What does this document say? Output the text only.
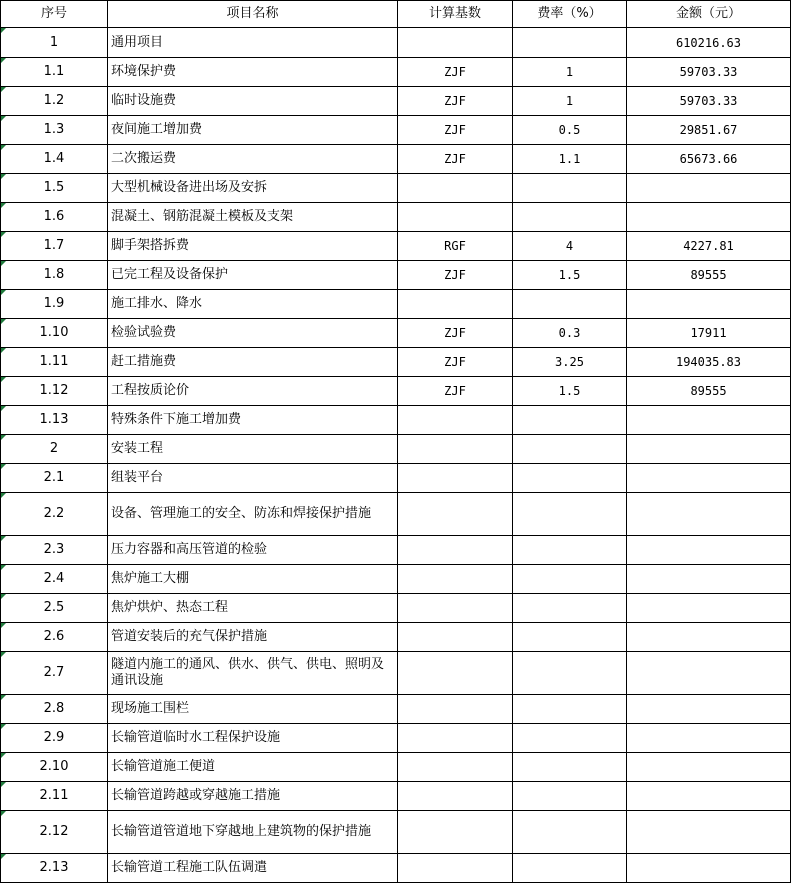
序号	项目名称	计算基数	费率（%）	金额（元）
1	通用项目			610216.63
1.1	环境保护费	ZJF	1	59703.33
1.2	临时设施费	ZJF	1	59703.33
1.3	夜间施工增加费	ZJF	0.5	29851.67
1.4	二次搬运费	ZJF	1.1	65673.66
1.5	大型机械设备进出场及安拆			
1.6	混凝土、钢筋混凝土模板及支架			
1.7	脚手架搭拆费	RGF	4	4227.81
1.8	已完工程及设备保护	ZJF	1.5	89555
1.9	施工排水、降水			
1.10	检验试验费	ZJF	0.3	17911
1.11	赶工措施费	ZJF	3.25	194035.83
1.12	工程按质论价	ZJF	1.5	89555
1.13	特殊条件下施工增加费			
2	安装工程			
2.1	组装平台			
2.2	设备、管理施工的安全、防冻和焊接保护措施			
2.3	压力容器和高压管道的检验			
2.4	焦炉施工大棚			
2.5	焦炉烘炉、热态工程			
2.6	管道安装后的充气保护措施			
2.7	隧道内施工的通风、供水、供气、供电、照明及通讯设施			
2.8	现场施工围栏			
2.9	长输管道临时水工程保护设施			
2.10	长输管道施工便道			
2.11	长输管道跨越或穿越施工措施			
2.12	长输管道管道地下穿越地上建筑物的保护措施			
2.13	长输管道工程施工队伍调遣			
